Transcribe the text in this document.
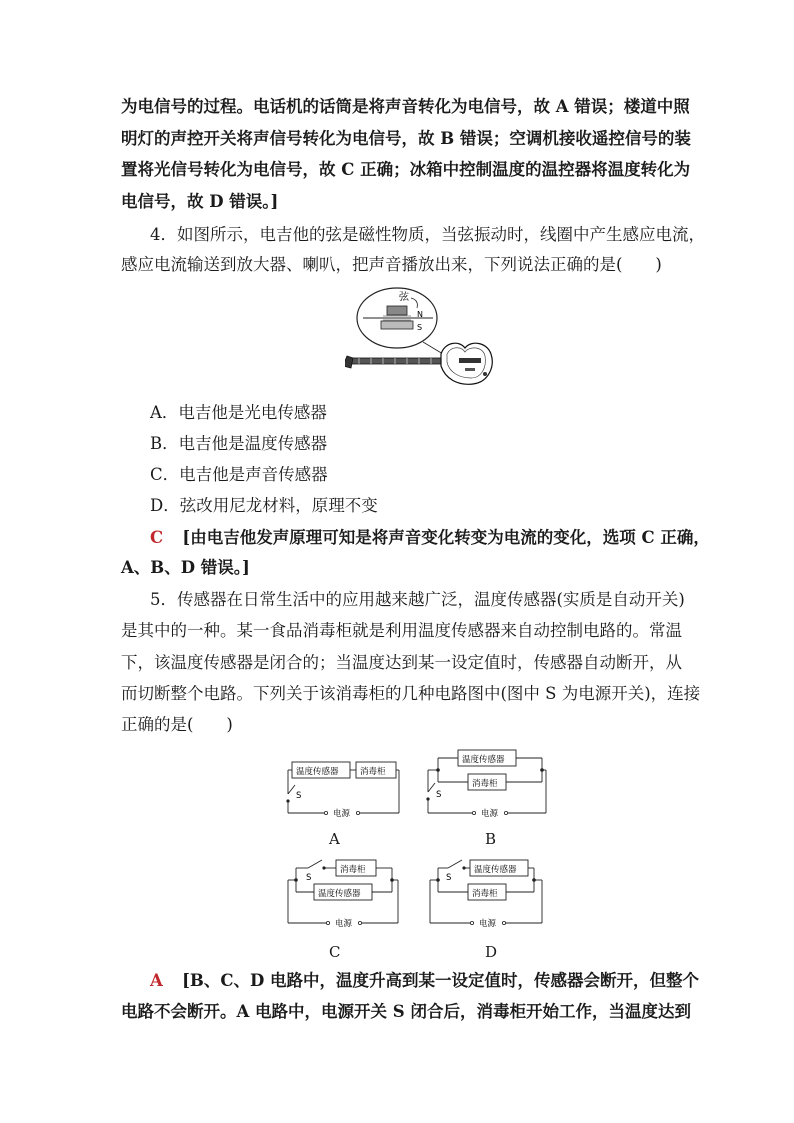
为电信号的过程。电话机的话筒是将声音转化为电信号，故 A 错误；楼道中照
明灯的声控开关将声信号转化为电信号，故 B 错误；空调机接收遥控信号的装
置将光信号转化为电信号，故 C 正确；冰箱中控制温度的温控器将温度转化为
电信号，故 D 错误。]
4．如图所示，电吉他的弦是磁性物质，当弦振动时，线圈中产生感应电流，
感应电流输送到放大器、喇叭，把声音播放出来，下列说法正确的是(　　)
弦
N
S
A．电吉他是光电传感器
B．电吉他是温度传感器
C．电吉他是声音传感器
D．弦改用尼龙材料，原理不变
C [由电吉他发声原理可知是将声音变化转变为电流的变化，选项 C 正确，
A、B、D 错误。]
5．传感器在日常生活中的应用越来越广泛，温度传感器(实质是自动开关)
是其中的一种。某一食品消毒柜就是利用温度传感器来自动控制电路的。常温
下，该温度传感器是闭合的；当温度达到某一设定值时，传感器自动断开，从
而切断整个电路。下列关于该消毒柜的几种电路图中(图中 S 为电源开关)，连接
正确的是(　　)
温度传感器	消毒柜
S
电源
A
温度传感器
消毒柜
S
电源
B
消毒柜
温度传感器
S
电源
C
温度传感器
消毒柜
S
电源
D
A [B、C、D 电路中，温度升高到某一设定值时，传感器会断开，但整个
电路不会断开。A 电路中，电源开关 S 闭合后，消毒柜开始工作，当温度达到
